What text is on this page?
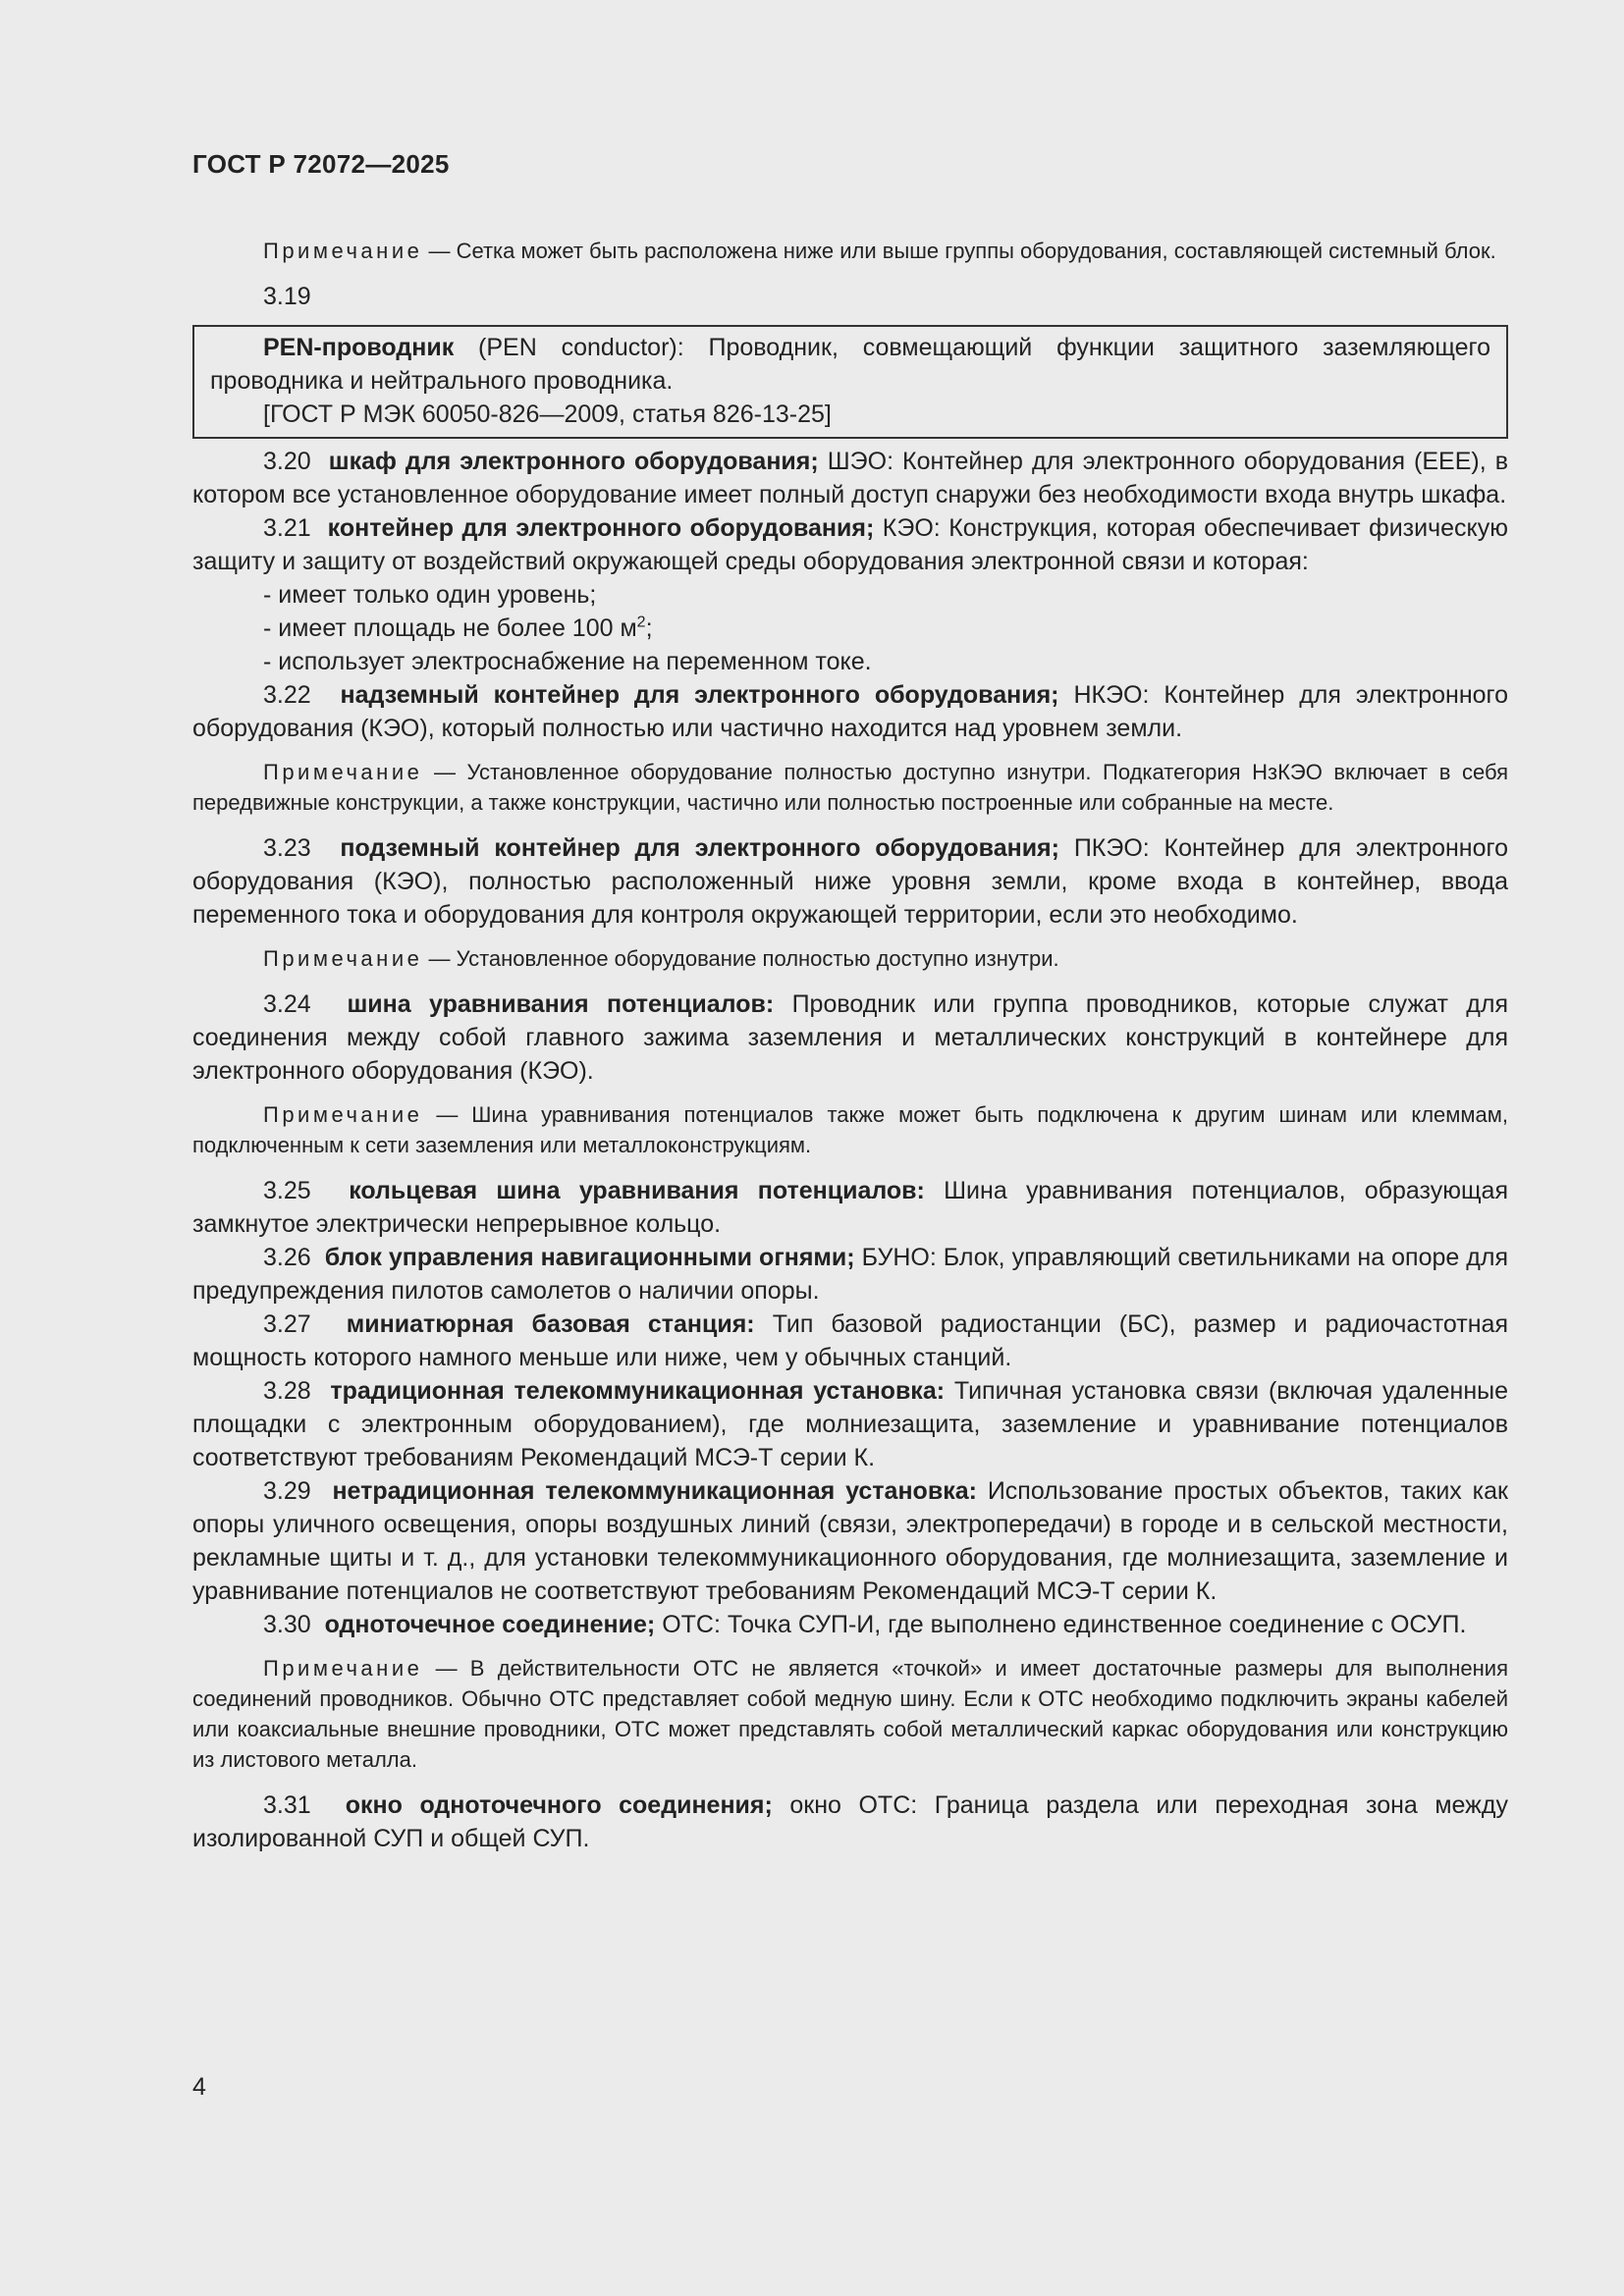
ГОСТ Р 72072—2025

Примечание — Сетка может быть расположена ниже или выше группы оборудования, составляющей системный блок.

3.19

PEN-проводник (PEN conductor): Проводник, совмещающий функции защитного заземляющего проводника и нейтрального проводника.

[ГОСТ Р МЭК 60050-826—2009, статья 826-13-25]

3.20 шкаф для электронного оборудования; ШЭО: Контейнер для электронного оборудования (EEE), в котором все установленное оборудование имеет полный доступ снаружи без необходимости входа внутрь шкафа.

3.21 контейнер для электронного оборудования; КЭО: Конструкция, которая обеспечивает физическую защиту и защиту от воздействий окружающей среды оборудования электронной связи и которая:

- имеет только один уровень;

- имеет площадь не более 100 $м^2$;

- использует электроснабжение на переменном токе.

3.22 надземный контейнер для электронного оборудования; НКЭО: Контейнер для электронного оборудования (КЭО), который полностью или частично находится над уровнем земли.

Примечание — Установленное оборудование полностью доступно изнутри. Подкатегория НзКЭО включает в себя передвижные конструкции, а также конструкции, частично или полностью построенные или собранные на месте.

3.23 подземный контейнер для электронного оборудования; ПКЭО: Контейнер для электронного оборудования (КЭО), полностью расположенный ниже уровня земли, кроме входа в контейнер, ввода переменного тока и оборудования для контроля окружающей территории, если это необходимо.

Примечание — Установленное оборудование полностью доступно изнутри.

3.24 шина уравнивания потенциалов: Проводник или группа проводников, которые служат для соединения между собой главного зажима заземления и металлических конструкций в контейнере для электронного оборудования (КЭО).

Примечание — Шина уравнивания потенциалов также может быть подключена к другим шинам или клеммам, подключенным к сети заземления или металлоконструкциям.

3.25 кольцевая шина уравнивания потенциалов: Шина уравнивания потенциалов, образующая замкнутое электрически непрерывное кольцо.

3.26 блок управления навигационными огнями; БУНО: Блок, управляющий светильниками на опоре для предупреждения пилотов самолетов о наличии опоры.

3.27 миниатюрная базовая станция: Тип базовой радиостанции (БС), размер и радиочастотная мощность которого намного меньше или ниже, чем у обычных станций.

3.28 традиционная телекоммуникационная установка: Типичная установка связи (включая удаленные площадки с электронным оборудованием), где молниезащита, заземление и уравнивание потенциалов соответствуют требованиям Рекомендаций МСЭ-Т серии К.

3.29 нетрадиционная телекоммуникационная установка: Использование простых объектов, таких как опоры уличного освещения, опоры воздушных линий (связи, электропередачи) в городе и в сельской местности, рекламные щиты и т. д., для установки телекоммуникационного оборудования, где молниезащита, заземление и уравнивание потенциалов не соответствуют требованиям Рекомендаций МСЭ-Т серии К.

3.30 одноточечное соединение; ОТС: Точка СУП-И, где выполнено единственное соединение с ОСУП.

Примечание — В действительности ОТС не является «точкой» и имеет достаточные размеры для выполнения соединений проводников. Обычно ОТС представляет собой медную шину. Если к ОТС необходимо подключить экраны кабелей или коаксиальные внешние проводники, ОТС может представлять собой металлический каркас оборудования или конструкцию из листового металла.

3.31 окно одноточечного соединения; окно ОТС: Граница раздела или переходная зона между изолированной СУП и общей СУП.

4
